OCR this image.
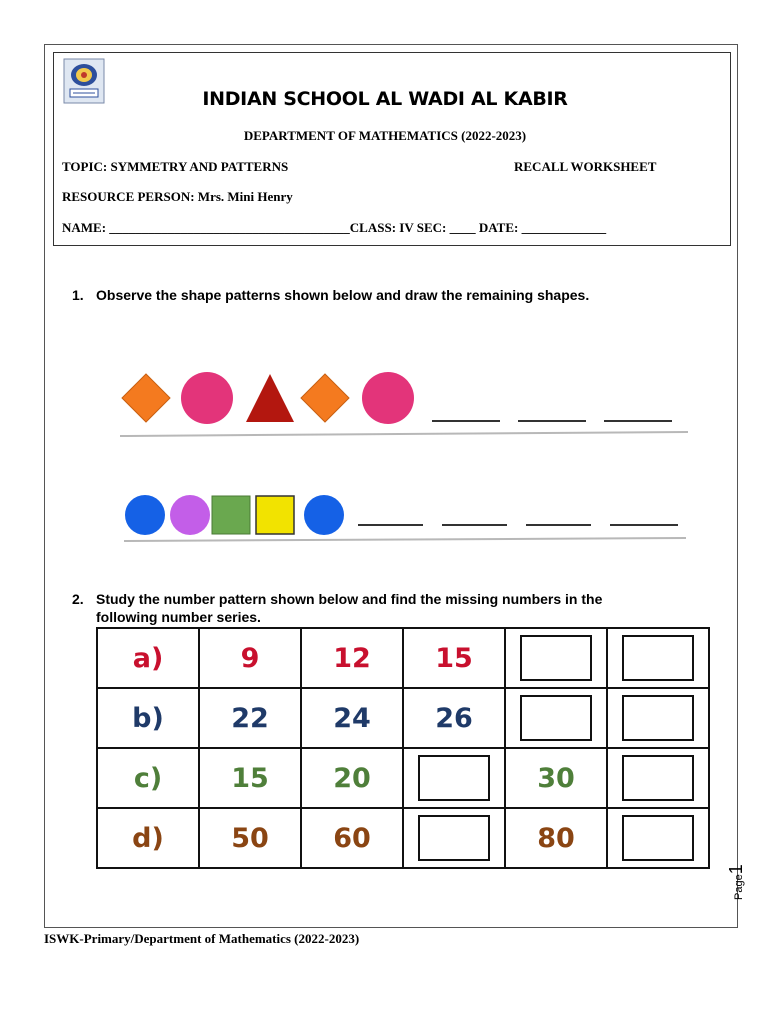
INDIAN SCHOOL AL WADI AL KABIR
DEPARTMENT OF MATHEMATICS (2022-2023)
TOPIC: SYMMETRY AND PATTERNS	RECALL WORKSHEET
RESOURCE PERSON: Mrs. Mini Henry
NAME: _____________________________________CLASS: IV SEC: ____ DATE: _____________
1. Observe the shape patterns shown below and draw the remaining shapes.
2. Study the number pattern shown below and find the missing numbers in the
following number series.
a)	9	12	15		
b)	22	24	26		
c)	15	20		30	
d)	50	60		80	
Page1
ISWK-Primary/Department of Mathematics (2022-2023)
